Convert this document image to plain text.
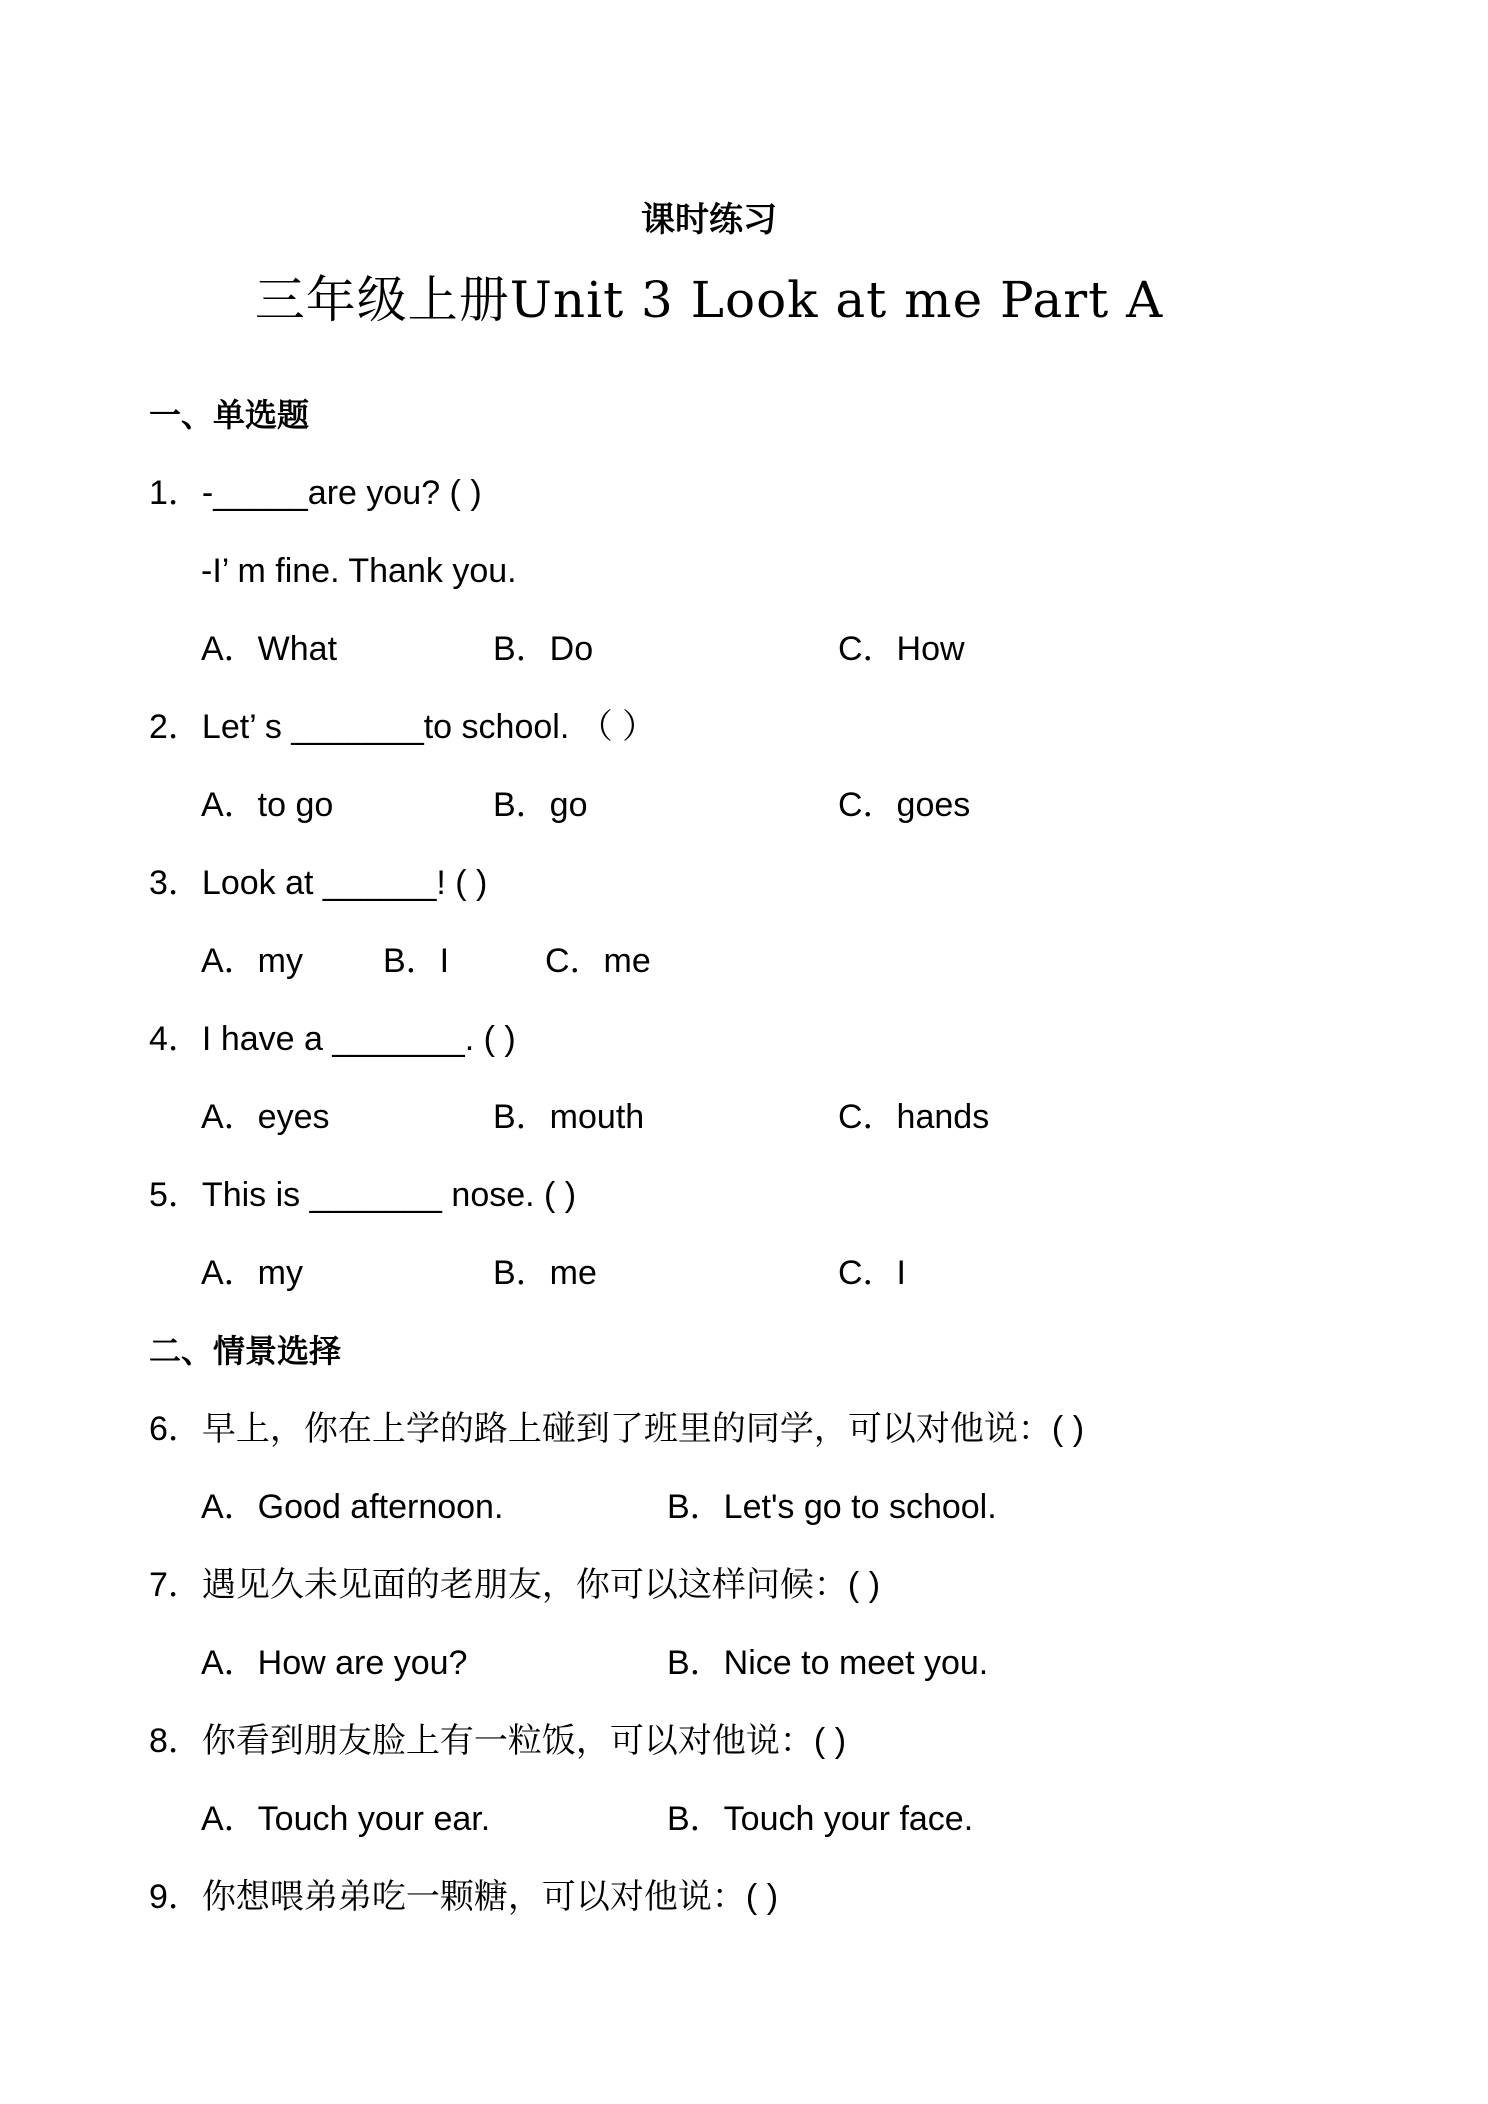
课时练习
三年级上册Unit 3 Look at me Part A
一、单选题
1．-_____are you? ( )
-I’ m fine. Thank you.
A．What	B．Do	C．How
2．Let’ s _______to school. （ ）
A．to go	B．go	C．goes
3．Look at ______! ( )
A．my B．I	C．me
4．I have a _______. ( )
A．eyes	B．mouth	C．hands
5．This is _______ nose. ( )
A．my	B．me	C．I
二、情景选择
6．早上，你在上学的路上碰到了班里的同学，可以对他说：( )
A．Good afternoon.	B．Let's go to school.
7．遇见久未见面的老朋友，你可以这样问候：( )
A．How are you?	B．Nice to meet you.
8．你看到朋友脸上有一粒饭，可以对他说：( )
A．Touch your ear.	B．Touch your face.
9．你想喂弟弟吃一颗糖，可以对他说：( )
